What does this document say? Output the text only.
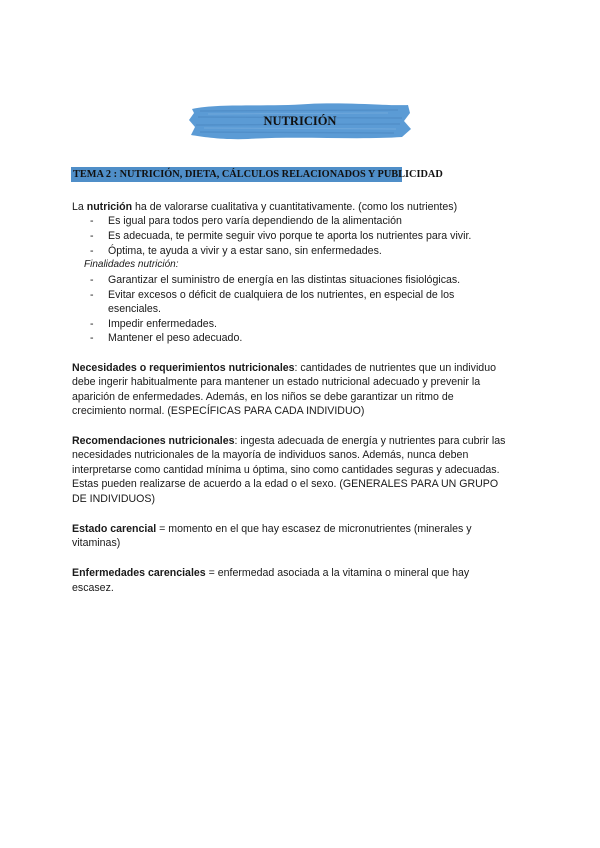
NUTRICIÓN
TEMA 2 : NUTRICIÓN, DIETA, CÁLCULOS RELACIONADOS Y PUBLICIDAD
La nutrición ha de valorarse cualitativa y cuantitativamente. (como los nutrientes)
- Es igual para todos pero varía dependiendo de la alimentación
- Es adecuada, te permite seguir vivo porque te aporta los nutrientes para vivir.
- Óptima, te ayuda a vivir y a estar sano, sin enfermedades.
Finalidades nutrición:
- Garantizar el suministro de energía en las distintas situaciones fisiológicas.
- Evitar excesos o déficit de cualquiera de los nutrientes, en especial de los
esenciales.
- Impedir enfermedades.
- Mantener el peso adecuado.
Necesidades o requerimientos nutricionales: cantidades de nutrientes que un individuo
debe ingerir habitualmente para mantener un estado nutricional adecuado y prevenir la
aparición de enfermedades. Además, en los niños se debe garantizar un ritmo de
crecimiento normal. (ESPECÍFICAS PARA CADA INDIVIDUO)
Recomendaciones nutricionales: ingesta adecuada de energía y nutrientes para cubrir las
necesidades nutricionales de la mayoría de individuos sanos. Además, nunca deben
interpretarse como cantidad mínima u óptima, sino como cantidades seguras y adecuadas.
Estas pueden realizarse de acuerdo a la edad o el sexo. (GENERALES PARA UN GRUPO
DE INDIVIDUOS)
Estado carencial = momento en el que hay escasez de micronutrientes (minerales y
vitaminas)
Enfermedades carenciales = enfermedad asociada a la vitamina o mineral que hay
escasez.
